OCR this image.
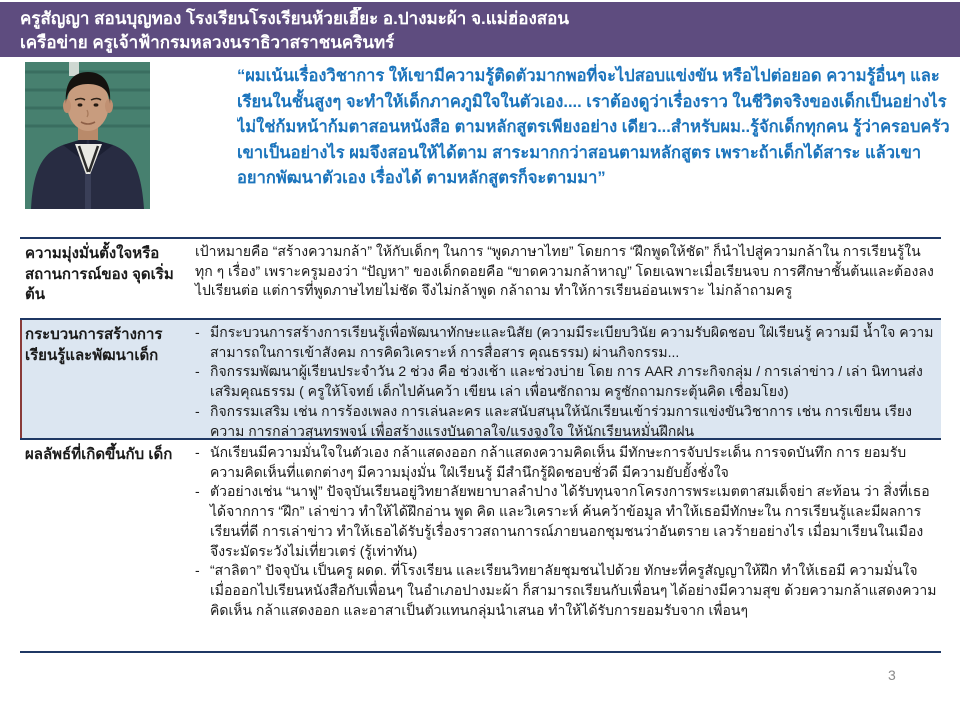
ครูสัญญา สอนบุญทอง โรงเรียนโรงเรียนห้วยเฮี๊ยะ อ.ปางมะผ้า จ.แม่ฮ่องสอน
เครือข่าย ครูเจ้าฟ้ากรมหลวงนราธิวาสราชนครินทร์
“ผมเน้นเรื่องวิชาการ ให้เขามีความรู้ติดตัวมากพอที่จะไปสอบแข่งขัน หรือไปต่อยอด ความรู้อื่นๆ และเรียนในชั้นสูงๆ จะทำให้เด็กภาคภูมิใจในตัวเอง.... เราต้องดูว่าเรื่องราว ในชีวิตจริงของเด็กเป็นอย่างไร ไม่ใช่ก้มหน้าก้มตาสอนหนังสือ ตามหลักสูตรเพียงอย่าง เดียว...สำหรับผม..รู้จักเด็กทุกคน รู้ว่าครอบครัวเขาเป็นอย่างไร ผมจึงสอนให้ได้ตาม สาระมากกว่าสอนตามหลักสูตร เพราะถ้าเด็กได้สาระ แล้วเขาอยากพัฒนาตัวเอง เรื่องได้ ตามหลักสูตรก็จะตามมา”
ความมุ่งมั่นตั้งใจหรือ สถานการณ์ของ จุดเริ่มต้น
เป้าหมายคือ “สร้างความกล้า” ให้กับเด็กๆ ในการ “พูดภาษาไทย” โดยการ “ฝึกพูดให้ชัด” ก็นำไปสู่ความกล้าใน การเรียนรู้ในทุก ๆ เรื่อง” เพราะครูมองว่า “ปัญหา” ของเด็กดอยคือ “ขาดความกล้าหาญ” โดยเฉพาะเมื่อเรียนจบ การศึกษาชั้นต้นและต้องลงไปเรียนต่อ แต่การที่พูดภาษไทยไม่ชัด จึงไม่กล้าพูด กล้าถาม ทำให้การเรียนอ่อนเพราะ ไม่กล้าถามครู
กระบวนการสร้างการ เรียนรู้และพัฒนาเด็ก
- มีกระบวนการสร้างการเรียนรู้เพื่อพัฒนาทักษะและนิสัย (ความมีระเบียบวินัย ความรับผิดชอบ ใฝ่เรียนรู้ ความมี น้ำใจ ความสามารถในการเข้าสังคม การคิดวิเคราะห์ การสื่อสาร คุณธรรม) ผ่านกิจกรรม...
- กิจกรรมพัฒนาผู้เรียนประจำวัน 2 ช่วง คือ ช่วงเช้า และช่วงบ่าย โดย การ AAR ภาระกิจกลุ่ม / การเล่าข่าว / เล่า นิทานส่งเสริมคุณธรรม ( ครูให้โจทย์ เด็กไปค้นคว้า เขียน เล่า เพื่อนซักถาม ครูซักถามกระตุ้นคิด เชื่อมโยง)
- กิจกรรมเสริม เช่น การร้องเพลง การเล่นละคร และสนับสนุนให้นักเรียนเข้าร่วมการแข่งขันวิชาการ เช่น การเขียน เรียงความ การกล่าวสุนทรพจน์ เพื่อสร้างแรงบันดาลใจ/แรงจูงใจ ให้นักเรียนหมั่นฝึกฝน
ผลลัพธ์ที่เกิดขึ้นกับ เด็ก	- นักเรียนมีความมั่นใจในตัวเอง กล้าแสดงออก กล้าแสดงความคิดเห็น มีทักษะการจับประเด็น การจดบันทึก การ ยอมรับความคิดเห็นที่แตกต่างๆ มีความมุ่งมั่น ใฝ่เรียนรู้ มีสำนึกรู้ผิดชอบชั่วดี มีความยับยั้งชั่งใจ
- ตัวอย่างเช่น “นาฟู” ปัจจุบันเรียนอยู่วิทยาลัยพยาบาลลำปาง ได้รับทุนจากโครงการพระเมตตาสมเด็จย่า สะท้อน ว่า สิ่งที่เธอได้จากการ “ฝึก” เล่าข่าว ทำให้ได้ฝึกอ่าน พูด คิด และวิเคราะห์ ค้นคว้าข้อมูล ทำให้เธอมีทักษะใน การเรียนรู้และมีผลการเรียนที่ดี การเล่าข่าว ทำให้เธอได้รับรู้เรื่องราวสถานการณ์ภายนอกชุมชนว่าอันตราย เลวร้ายอย่างไร เมื่อมาเรียนในเมืองจึงระมัดระวังไม่เที่ยวเตร่ (รู้เท่าทัน)
- “สาลิตา” ปัจจุบัน เป็นครู ผดด. ที่โรงเรียน และเรียนวิทยาลัยชุมชนไปด้วย ทักษะที่ครูสัญญาให้ฝึก ทำให้เธอมี ความมั่นใจ เมื่อออกไปเรียนหนังสือกับเพื่อนๆ ในอำเภอปางมะผ้า ก็สามารถเรียนกับเพื่อนๆ ได้อย่างมีความสุข ด้วยความกล้าแสดงความคิดเห็น กล้าแสดงออก และอาสาเป็นตัวแทนกลุ่มนำเสนอ ทำให้ได้รับการยอมรับจาก เพื่อนๆ
3
